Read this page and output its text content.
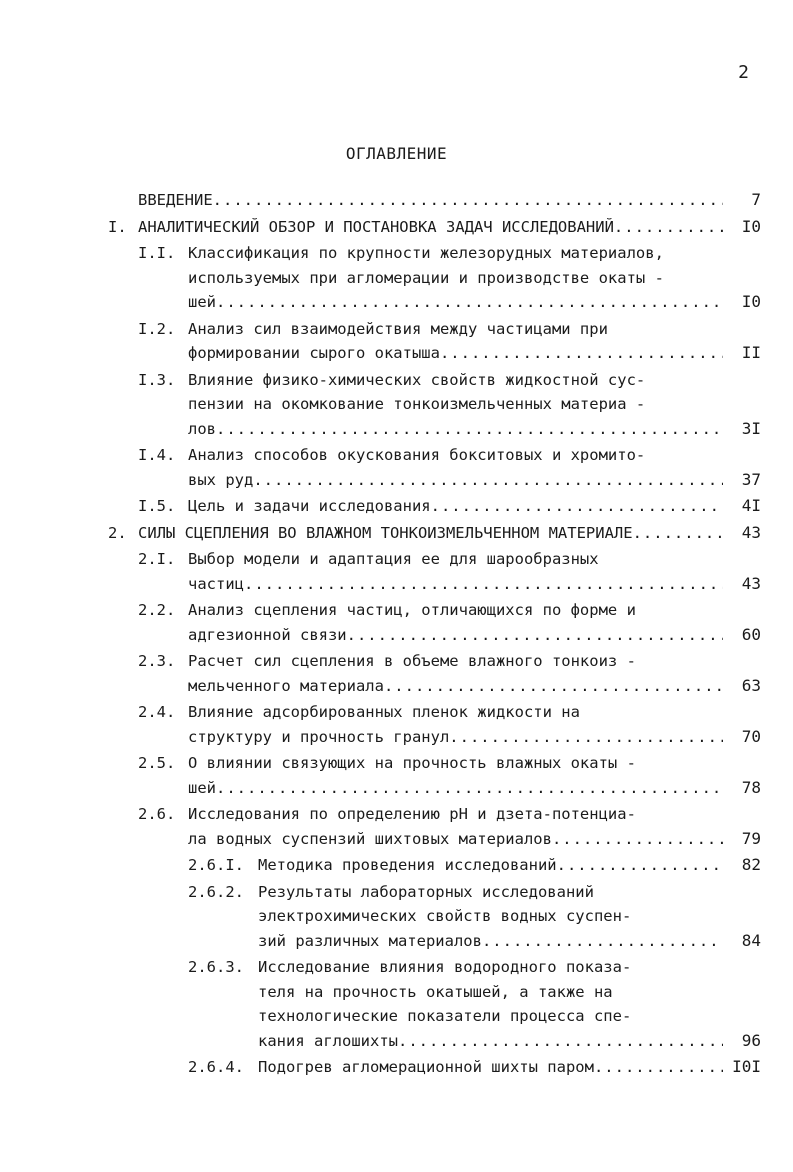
2
ОГЛАВЛЕНИЕ
ВВЕДЕНИЕ .....	7
I. АНАЛИТИЧЕСКИЙ ОБЗОР И ПОСТАНОВКА ЗАДАЧ ИССЛЕДОВАНИЙ .....	I0
I.I. Классификация по крупности железорудных материалов,
используемых при агломерации и производстве окаты -
шей .....	I0
I.2. Анализ сил взаимодействия между частицами при
формировании сырого окатыша .....	II
I.3. Влияние физико-химических свойств жидкостной сус-
пензии на окомкование тонкоизмельченных материа -
лов .....	3I
I.4. Анализ способов окускования бокситовых и хромито-
вых руд .....	37
I.5. Цель и задачи исследования .....	4I
2. СИЛЫ СЦЕПЛЕНИЯ ВО ВЛАЖНОМ ТОНКОИЗМЕЛЬЧЕННОМ МАТЕРИАЛЕ .....	43
2.I. Выбор модели и адаптация ее для шарообразных
частиц .....	43
2.2. Анализ сцепления частиц, отличающихся по форме и
адгезионной связи .....	60
2.3. Расчет сил сцепления в объеме влажного тонкоиз -
мельченного материала .....	63
2.4. Влияние адсорбированных пленок жидкости на
структуру и прочность гранул .....	70
2.5. О влиянии связующих на прочность влажных окаты -
шей .....	78
2.6. Исследования по определению pH и дзета-потенциа-
ла водных суспензий шихтовых материалов .....	79
2.6.I. Методика проведения исследований .....	82
2.6.2. Результаты лабораторных исследований
электрохимических свойств водных суспен-
зий различных материалов .....	84
2.6.3. Исследование влияния водородного показа-
теля на прочность окатышей, а также на
технологические показатели процесса спе-
кания аглошихты .....	96
2.6.4. Подогрев агломерационной шихты паром .....	I0I
